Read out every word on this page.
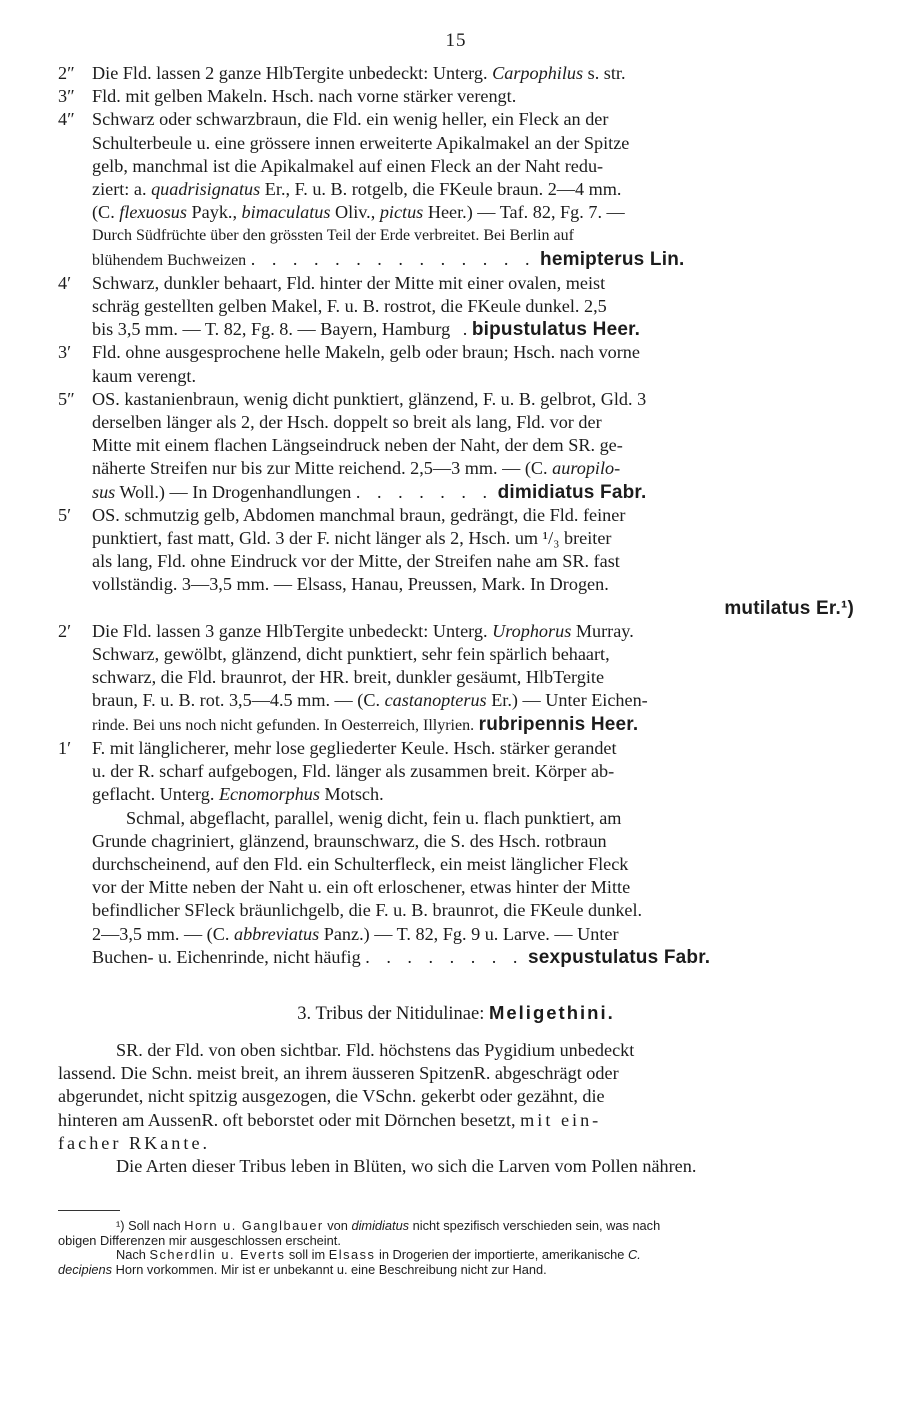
15
2″ Die Fld. lassen 2 ganze HlbTergite unbedeckt: Unterg. Carpophilus s. str.
3″ Fld. mit gelben Makeln. Hsch. nach vorne stärker verengt.
4″ Schwarz oder schwarzbraun, die Fld. ein wenig heller, ein Fleck an der
Schulterbeule u. eine grössere innen erweiterte Apikalmakel an der Spitze
gelb, manchmal ist die Apikalmakel auf einen Fleck an der Naht redu-
ziert: a. quadrisignatus Er., F. u. B. rotgelb, die FKeule braun. 2—4 mm.
(C. flexuosus Payk., bimaculatus Oliv., pictus Heer.) — Taf. 82, Fg. 7. —
Durch Südfrüchte über den grössten Teil der Erde verbreitet. Bei Berlin auf
blühendem Buchweizen . . . . . . . . . . . . . . hemipterus Lin.
4′	Schwarz, dunkler behaart, Fld. hinter der Mitte mit einer ovalen, meist
schräg gestellten gelben Makel, F. u. B. rostrot, die FKeule dunkel. 2,5
bis 3,5 mm. — T. 82, Fg. 8. — Bayern, Hamburg . bipustulatus Heer.
3′	Fld. ohne ausgesprochene helle Makeln, gelb oder braun; Hsch. nach vorne
kaum verengt.
5″ OS. kastanienbraun, wenig dicht punktiert, glänzend, F. u. B. gelbrot, Gld. 3
derselben länger als 2, der Hsch. doppelt so breit als lang, Fld. vor der
Mitte mit einem flachen Längseindruck neben der Naht, der dem SR. ge-
näherte Streifen nur bis zur Mitte reichend. 2,5—3 mm. — (C. auropilo-
sus Woll.) — In Drogenhandlungen . . . . . . . dimidiatus Fabr.
5′	OS. schmutzig gelb, Abdomen manchmal braun, gedrängt, die Fld. feiner
punktiert, fast matt, Gld. 3 der F. nicht länger als 2, Hsch. um ¹/₃ breiter
als lang, Fld. ohne Eindruck vor der Mitte, der Streifen nahe am SR. fast
vollständig. 3—3,5 mm. — Elsass, Hanau, Preussen, Mark. In Drogen.
mutilatus Er.¹)
2′	Die Fld. lassen 3 ganze HlbTergite unbedeckt: Unterg. Urophorus Murray.
Schwarz, gewölbt, glänzend, dicht punktiert, sehr fein spärlich behaart,
schwarz, die Fld. braunrot, der HR. breit, dunkler gesäumt, HlbTergite
braun, F. u. B. rot. 3,5—4.5 mm. — (C. castanopterus Er.) — Unter Eichen-
rinde. Bei uns noch nicht gefunden. In Oesterreich, Illyrien. rubripennis Heer.
1′	F. mit länglicherer, mehr lose gegliederter Keule. Hsch. stärker gerandet
u. der R. scharf aufgebogen, Fld. länger als zusammen breit. Körper ab-
geflacht. Unterg. Ecnomorphus Motsch.
Schmal, abgeflacht, parallel, wenig dicht, fein u. flach punktiert, am
Grunde chagriniert, glänzend, braunschwarz, die S. des Hsch. rotbraun
durchscheinend, auf den Fld. ein Schulterfleck, ein meist länglicher Fleck
vor der Mitte neben der Naht u. ein oft erloschener, etwas hinter der Mitte
befindlicher SFleck bräunlichgelb, die F. u. B. braunrot, die FKeule dunkel.
2—3,5 mm. — (C. abbreviatus Panz.) — T. 82, Fg. 9 u. Larve. — Unter
Buchen- u. Eichenrinde, nicht häufig . . . . . . . . sexpustulatus Fabr.
3. Tribus der Nitidulinae: Meligethini.
SR. der Fld. von oben sichtbar. Fld. höchstens das Pygidium unbedeckt
lassend. Die Schn. meist breit, an ihrem äusseren SpitzenR. abgeschrägt oder
abgerundet, nicht spitzig ausgezogen, die VSchn. gekerbt oder gezähnt, die
hinteren am AussenR. oft beborstet oder mit Dörnchen besetzt, mit ein-
facher RKante.
Die Arten dieser Tribus leben in Blüten, wo sich die Larven vom Pollen nähren.
¹) Soll nach Horn u. Ganglbauer von dimidiatus nicht spezifisch verschieden sein, was nach
obigen Differenzen mir ausgeschlossen erscheint.
Nach Scherdlin u. Everts soll im Elsass in Drogerien der importierte, amerikanische C.
decipiens Horn vorkommen. Mir ist er unbekannt u. eine Beschreibung nicht zur Hand.
